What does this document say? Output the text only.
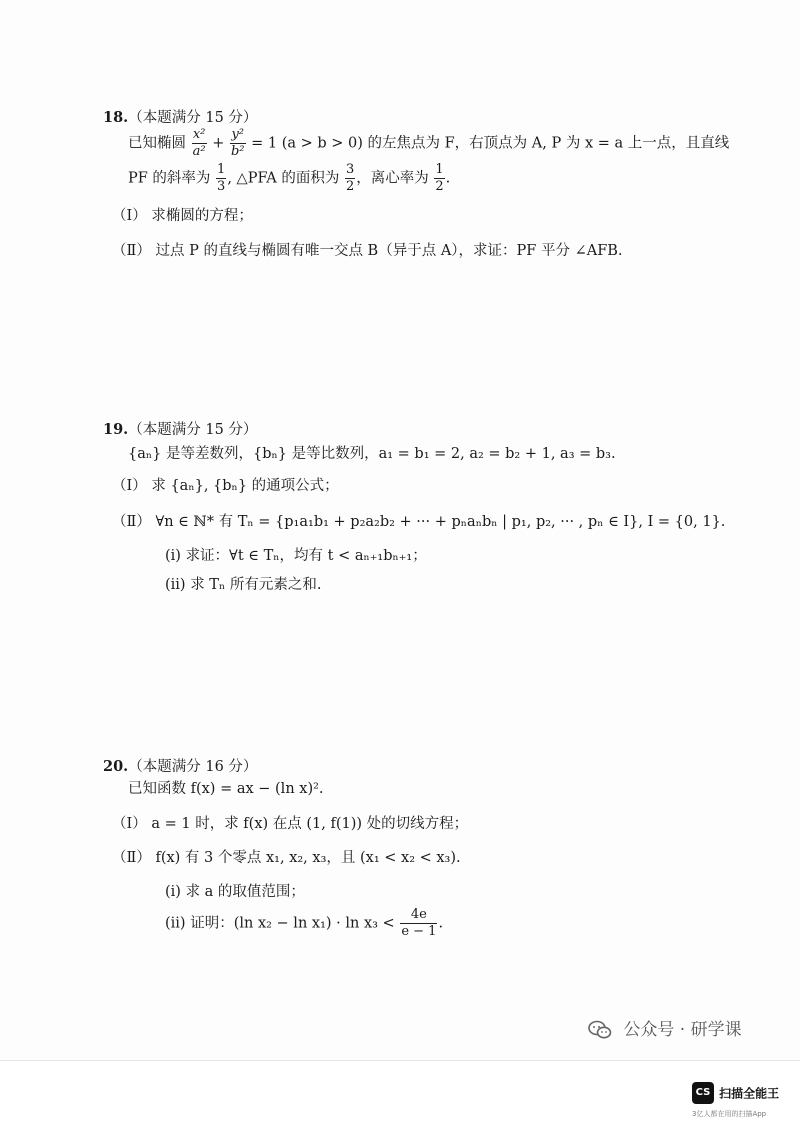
18.（本题满分 15 分）
已知椭圆 $\frac{\text{x²}}{\text{a²}} + \frac{\text{y²}}{\text{b²}} = 1$ (a > b > 0) 的左焦点为 F，右顶点为 A, P 为 x = a 上一点，且直线
PF 的斜率为 $\frac{1}{3}$ , △PFA 的面积为 $\frac{3}{2}$ ，离心率为 $\frac{1}{2}$ .
（Ⅰ） 求椭圆的方程；
（Ⅱ） 过点 P 的直线与椭圆有唯一交点 B（异于点 A），求证：PF 平分 ∠AFB.
19.（本题满分 15 分）
{aₙ} 是等差数列，{bₙ} 是等比数列，a₁ = b₁ = 2, a₂ = b₂ + 1, a₃ = b₃.
（Ⅰ） 求 {aₙ}, {bₙ} 的通项公式；
（Ⅱ） ∀n ∈ ℕ* 有 Tₙ = {p₁a₁b₁ + p₂a₂b₂ + ··· + pₙaₙbₙ | p₁, p₂, ··· , pₙ ∈ I}, I = {0, 1}.
(i) 求证：∀t ∈ Tₙ，均有 t < aₙ₊₁bₙ₊₁；
(ii) 求 Tₙ 所有元素之和.
20.（本题满分 16 分）
已知函数 f(x) = ax − (ln x)².
（Ⅰ） a = 1 时，求 f(x) 在点 (1, f(1)) 处的切线方程；
（Ⅱ） f(x) 有 3 个零点 x₁, x₂, x₃，且 (x₁ < x₂ < x₃).
(i) 求 a 的取值范围；
(ii) 证明：(ln $x_2 - \ln x_1) \cdot \ln x_3 < \frac{4e}{e - 1}$ .
公众号 · 研学课
CS 扫描全能王
3亿人都在用的扫描App
